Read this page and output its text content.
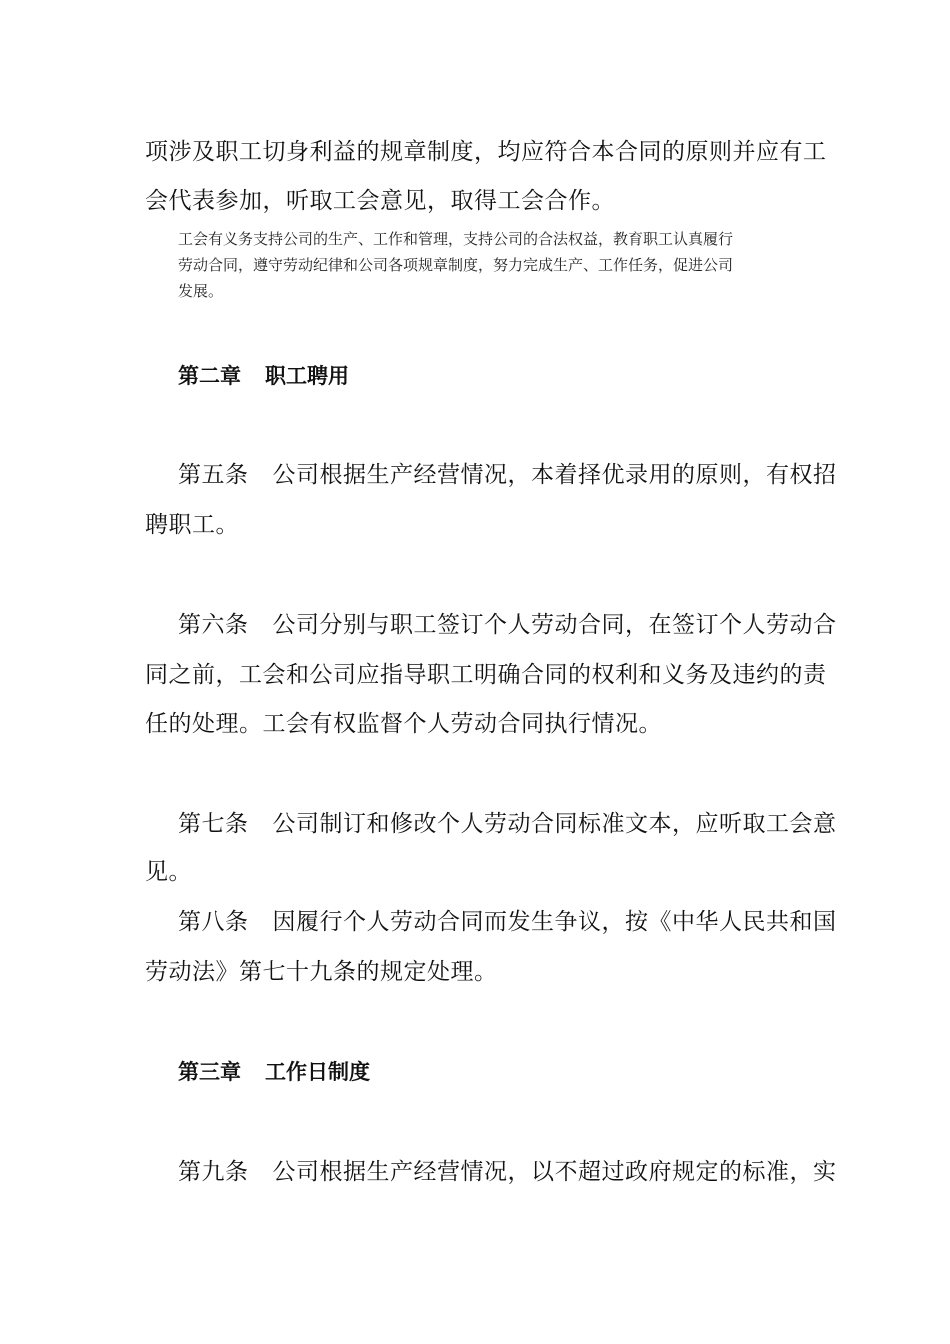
项涉及职工切身利益的规章制度，均应符合本合同的原则并应有工
会代表参加，听取工会意见，取得工会合作。
工会有义务支持公司的生产、工作和管理，支持公司的合法权益，教育职工认真履行
劳动合同，遵守劳动纪律和公司各项规章制度，努力完成生产、工作任务，促进公司
发展。
第二章 职工聘用
第五条 公司根据生产经营情况，本着择优录用的原则，有权招
聘职工。
第六条 公司分别与职工签订个人劳动合同，在签订个人劳动合
同之前，工会和公司应指导职工明确合同的权利和义务及违约的责
任的处理。工会有权监督个人劳动合同执行情况。
第七条 公司制订和修改个人劳动合同标准文本，应听取工会意
见。
第八条 因履行个人劳动合同而发生争议，按《中华人民共和国
劳动法》第七十九条的规定处理。
第三章 工作日制度
第九条 公司根据生产经营情况，以不超过政府规定的标准，实
